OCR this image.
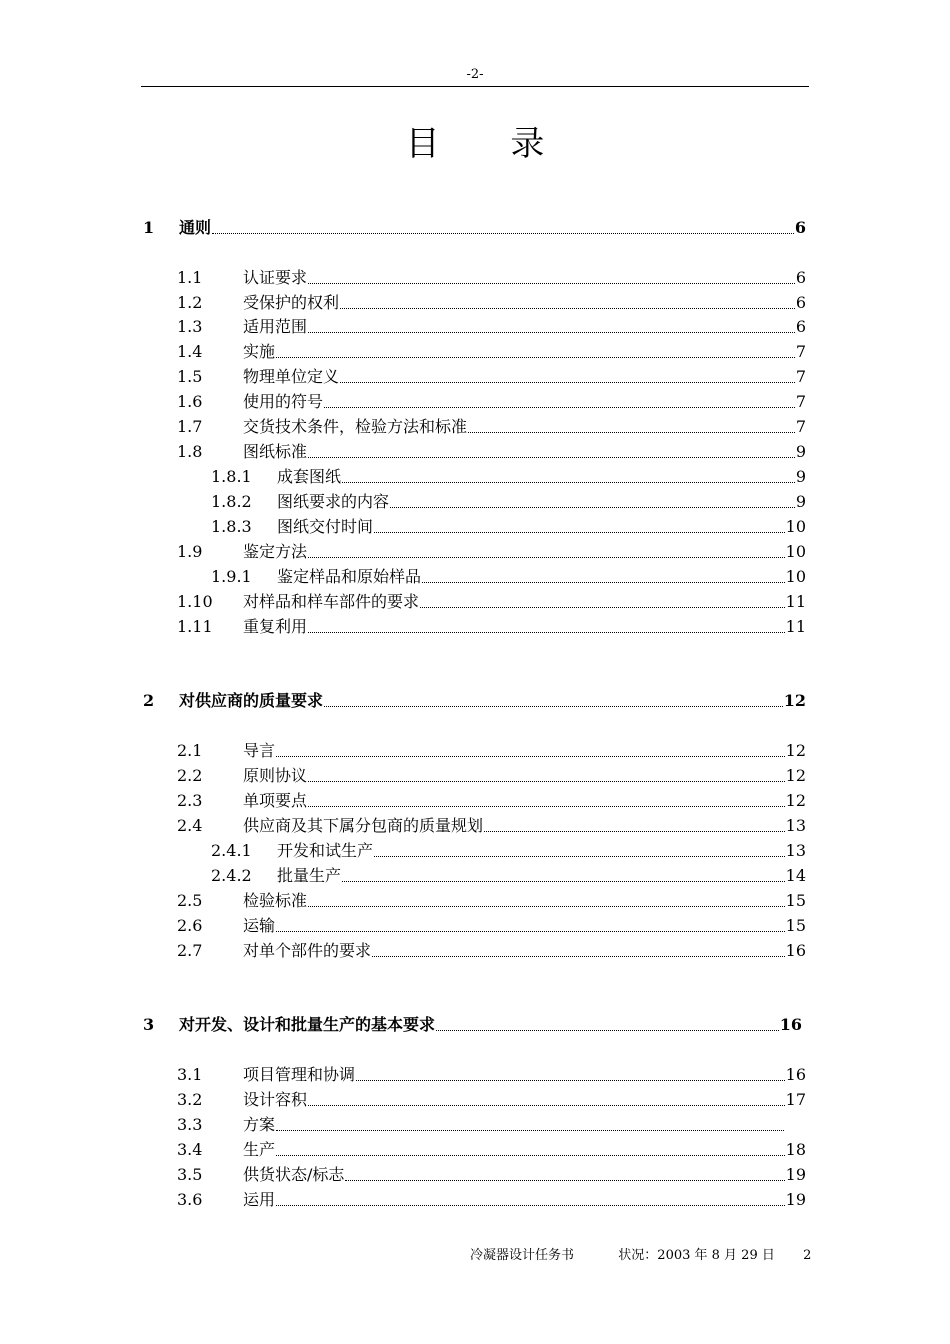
-2-
目 录
1	通则	6
1.1	认证要求	6
1.2	受保护的权利	6
1.3	适用范围	6
1.4	实施	7
1.5	物理单位定义	7
1.6	使用的符号	7
1.7	交货技术条件，检验方法和标准	7
1.8	图纸标准	9
1.8.1	成套图纸	9
1.8.2	图纸要求的内容	9
1.8.3	图纸交付时间	10
1.9	鉴定方法	10
1.9.1	鉴定样品和原始样品	10
1.10	对样品和样车部件的要求	11
1.11	重复利用	11
2	对供应商的质量要求	12
2.1	导言	12
2.2	原则协议	12
2.3	单项要点	12
2.4	供应商及其下属分包商的质量规划	13
2.4.1	开发和试生产	13
2.4.2	批量生产	14
2.5	检验标准	15
2.6	运输	15
2.7	对单个部件的要求	16
3	对开发、设计和批量生产的基本要求	16
3.1	项目管理和协调	16
3.2	设计容积	17
3.3	方案
3.4	生产	18
3.5	供货状态/标志	19
3.6	运用	19
冷凝器设计任务书	状况：2003 年 8 月 29 日 2
